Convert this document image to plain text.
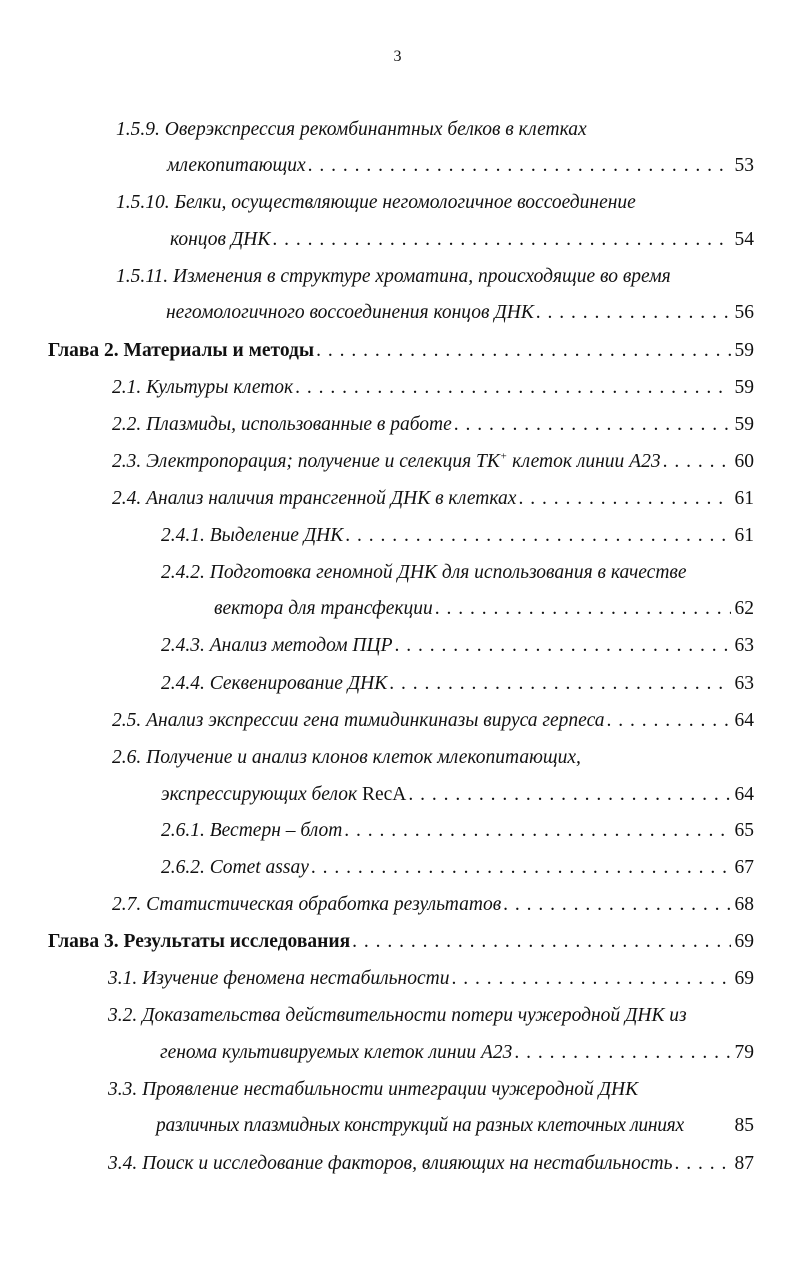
3
1.5.9. Оверэкспрессия рекомбинантных белков в клетках
млекопитающих . . .	53
1.5.10. Белки, осуществляющие негомологичное воссоединение
концов ДНК . . .	54
1.5.11. Изменения в структуре хроматина, происходящие во время
негомологичного воссоединения концов ДНК . . .	56
Глава 2. Материалы и методы . . .	59
2.1. Культуры клеток . . .	59
2.2. Плазмиды, использованные в работе . . .	59
2.3. Электропорация; получение и селекция ТК+ клеток линии А23 . . .	60
2.4. Анализ наличия трансгенной ДНК в клетках . . .	61
2.4.1. Выделение ДНК . . .	61
2.4.2. Подготовка геномной ДНК для использования в качестве
вектора для трансфекции . . .	62
2.4.3. Анализ методом ПЦР . . .	63
2.4.4. Секвенирование ДНК . . .	63
2.5. Анализ экспрессии гена тимидинкиназы вируса герпеса . . .	64
2.6. Получение и анализ клонов клеток млекопитающих,
экспрессирующих белок RecA . . .	64
2.6.1. Вестерн – блот . . .	65
2.6.2. Comet assay . . .	67
2.7. Статистическая обработка результатов . . .	68
Глава 3. Результаты исследования . . .	69
3.1. Изучение феномена нестабильности . . .	69
3.2. Доказательства действительности потери чужеродной ДНК из
генома культивируемых клеток линии А23 . . .	79
3.3. Проявление нестабильности интеграции чужеродной ДНК
различных плазмидных конструкций на разных клеточных линиях	85
3.4. Поиск и исследование факторов, влияющих на нестабильность . . .	87
